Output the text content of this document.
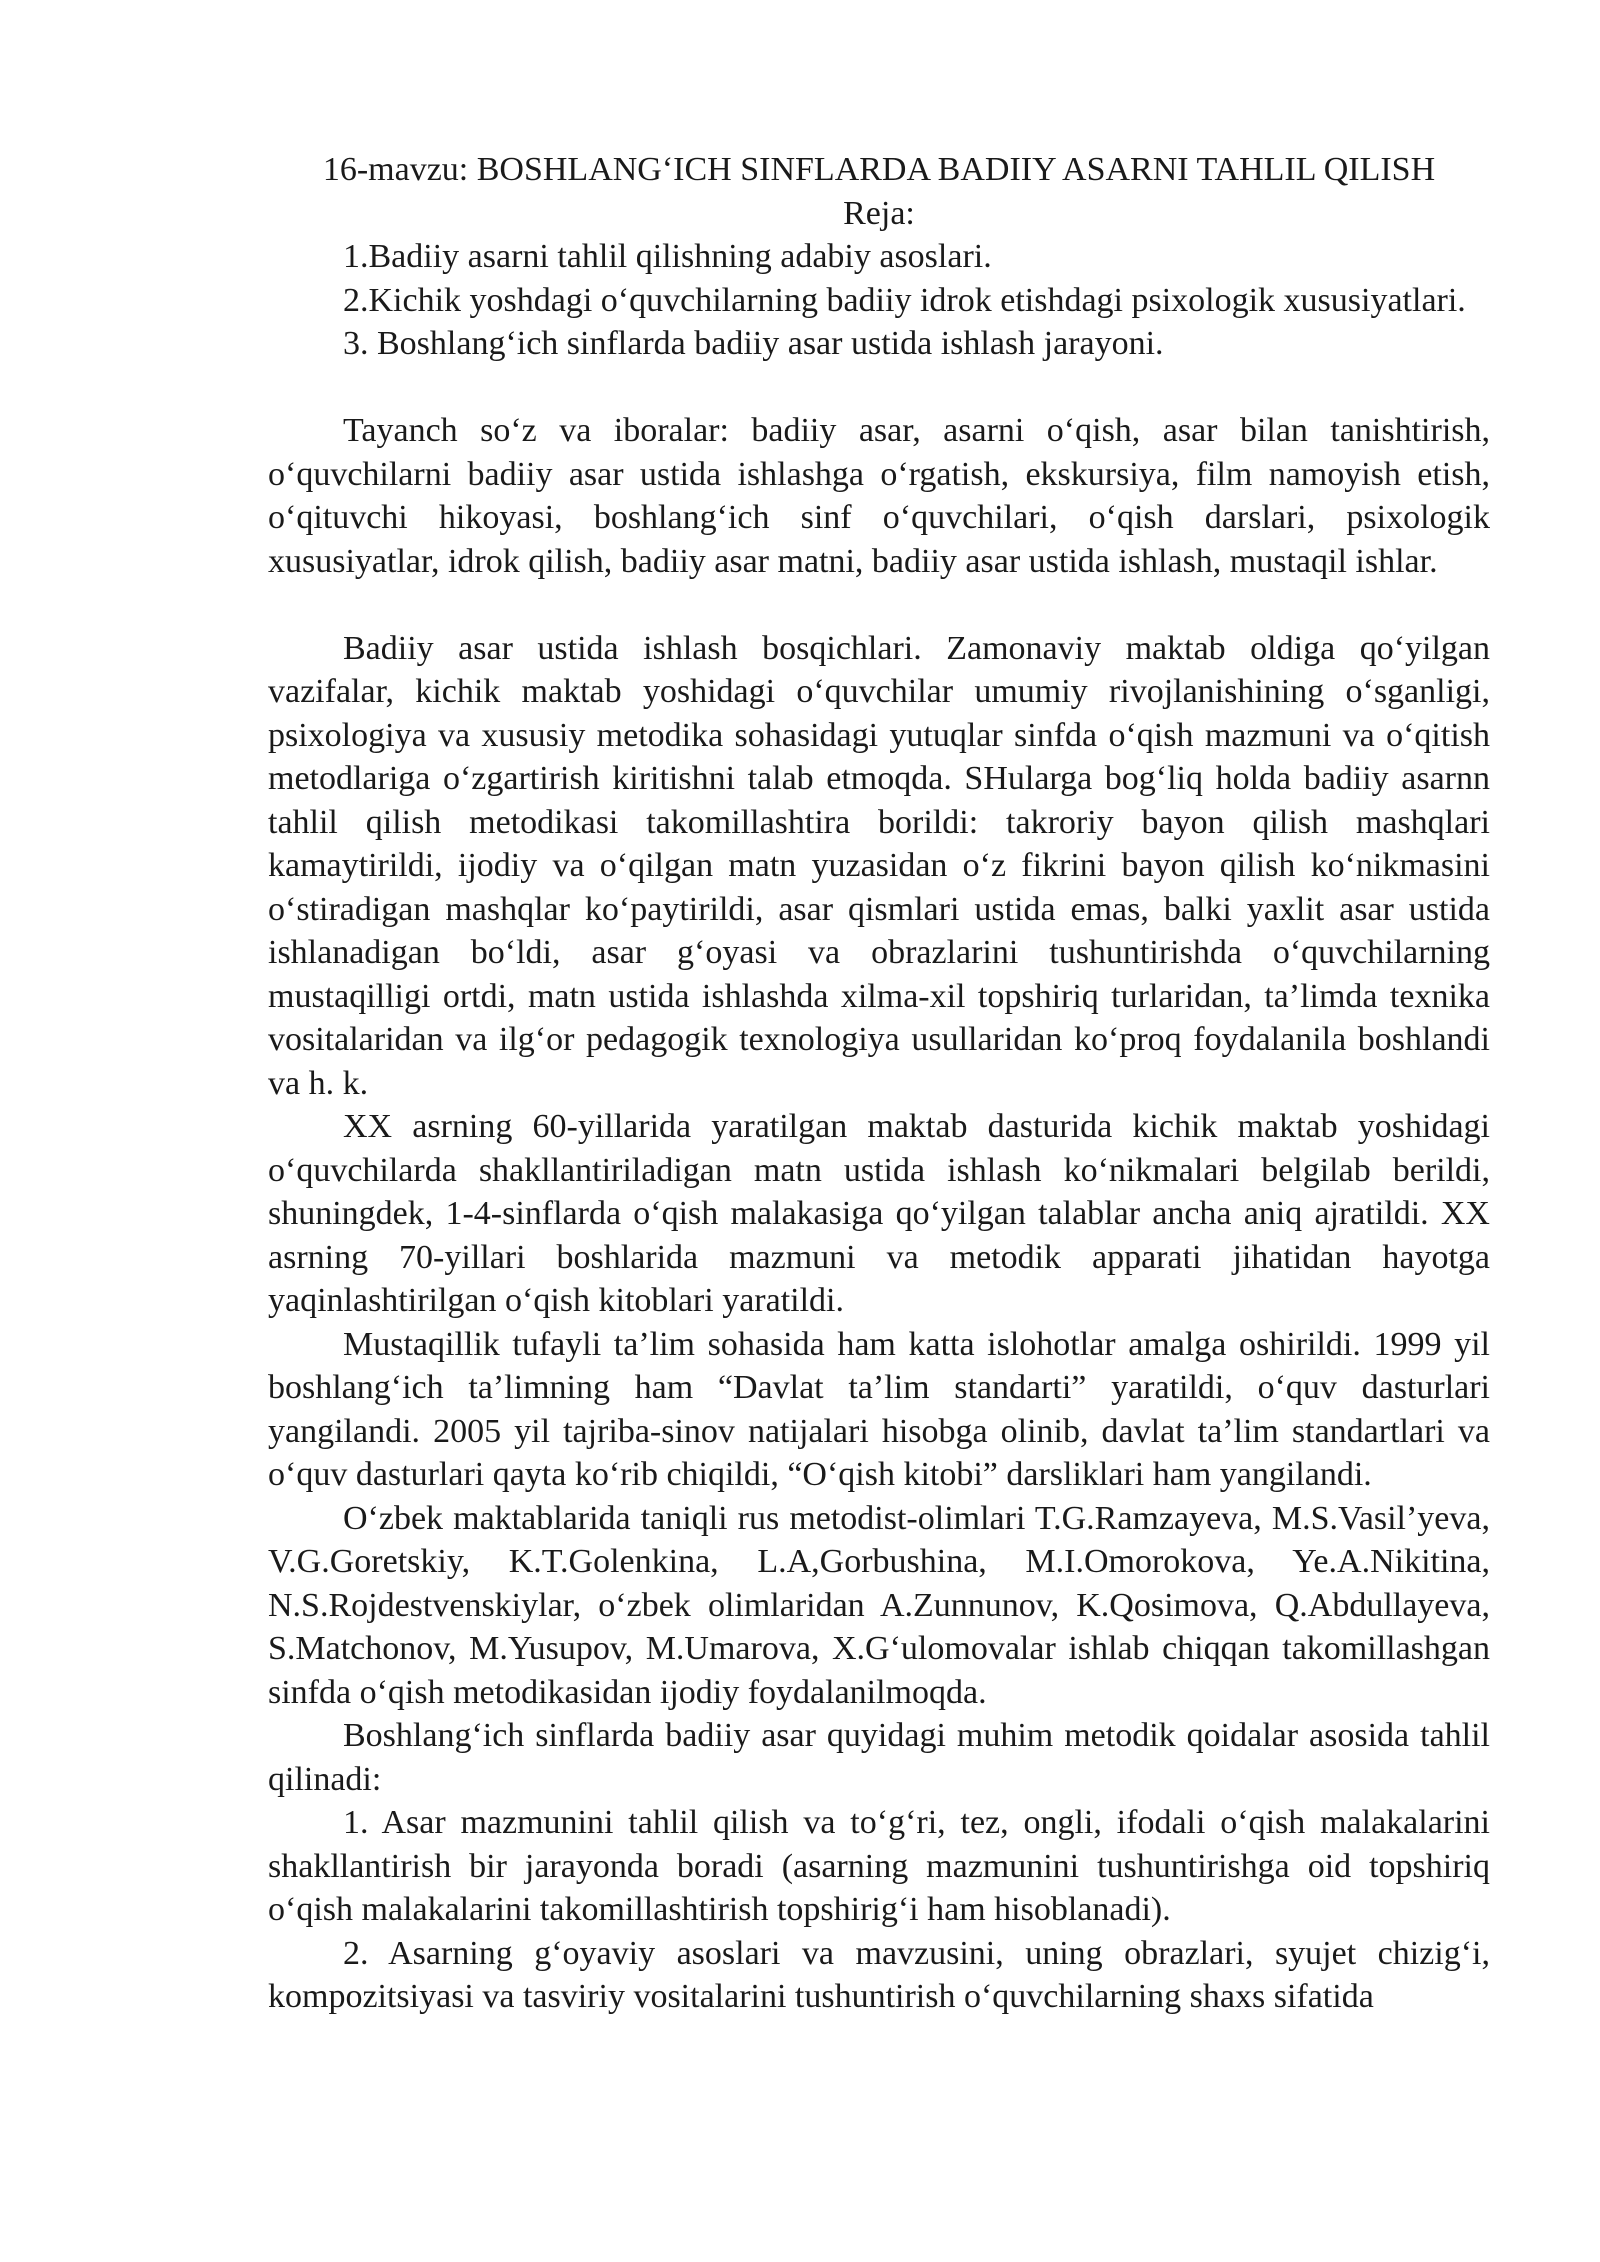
16-mavzu: BOSHLANG‘ICH SINFLARDA BADIIY ASARNI TAHLIL QILISH

Reja:

1.Badiiy asarni tahlil qilishning adabiy asoslari.

2.Kichik yoshdagi o‘quvchilarning badiiy idrok etishdagi psixologik xususiyatlari.

3. Boshlang‘ich sinflarda badiiy asar ustida ishlash jarayoni.

Tayanch so‘z va iboralar: badiiy asar, asarni o‘qish, asar bilan tanishtirish, o‘quvchilarni badiiy asar ustida ishlashga o‘rgatish, ekskursiya, film namoyish etish, o‘qituvchi hikoyasi, boshlang‘ich sinf o‘quvchilari, o‘qish darslari, psixologik xususiyatlar, idrok qilish, badiiy asar matni, badiiy asar ustida ishlash, mustaqil ishlar.

Badiiy asar ustida ishlash bosqichlari. Zamonaviy maktab oldiga qo‘yilgan vazifalar, kichik maktab yoshidagi o‘quvchilar umumiy rivojlanishining o‘sganligi, psixologiya va xususiy metodika sohasidagi yutuqlar sinfda o‘qish mazmuni va o‘qitish metodlariga o‘zgartirish kiritishni talab etmoqda. SHularga bog‘liq holda badiiy asarnn tahlil qilish metodikasi takomillashtira borildi: takroriy bayon qilish mashqlari kamaytirildi, ijodiy va o‘qilgan matn yuzasidan o‘z fikrini bayon qilish ko‘nikmasini o‘stiradigan mashqlar ko‘paytirildi, asar qismlari ustida emas, balki yaxlit asar ustida ishlanadigan bo‘ldi, asar g‘oyasi va obrazlarini tushuntirishda o‘quvchilarning mustaqilligi ortdi, matn ustida ishlashda xilma-xil topshiriq turlaridan, ta’limda texnika vositalaridan va ilg‘or pedagogik texnologiya usullaridan ko‘proq foydalanila boshlandi va h. k.

XX asrning 60-yillarida yaratilgan maktab dasturida kichik maktab yoshidagi o‘quvchilarda shakllantiriladigan matn ustida ishlash ko‘nikmalari belgilab berildi, shuningdek, 1-4-sinflarda o‘qish malakasiga qo‘yilgan talablar ancha aniq ajratildi. XX asrning 70-yillari boshlarida mazmuni va metodik apparati jihatidan hayotga yaqinlashtirilgan o‘qish kitoblari yaratildi.

Mustaqillik tufayli ta’lim sohasida ham katta islohotlar amalga oshirildi. 1999 yil boshlang‘ich ta’limning ham “Davlat ta’lim standarti” yaratildi, o‘quv dasturlari yangilandi. 2005 yil tajriba-sinov natijalari hisobga olinib, davlat ta’lim standartlari va o‘quv dasturlari qayta ko‘rib chiqildi, “O‘qish kitobi” darsliklari ham yangilandi.

O‘zbek maktablarida taniqli rus metodist-olimlari T.G.Ramzayeva, M.S.Vasil’yeva, V.G.Goretskiy, K.T.Golenkina, L.A,Gorbushina, M.I.Omorokova, Ye.A.Nikitina, N.S.Rojdestvenskiylar, o‘zbek olimlaridan A.Zunnunov, K.Qosimova, Q.Abdullayeva, S.Matchonov, M.Yusupov, M.Umarova, X.G‘ulomovalar ishlab chiqqan takomillashgan sinfda o‘qish metodikasidan ijodiy foydalanilmoqda.

Boshlang‘ich sinflarda badiiy asar quyidagi muhim metodik qoidalar asosida tahlil qilinadi:

1. Asar mazmunini tahlil qilish va to‘g‘ri, tez, ongli, ifodali o‘qish malakalarini shakllantirish bir jarayonda boradi (asarning mazmunini tushuntirishga oid topshiriq o‘qish malakalarini takomillashtirish topshirig‘i ham hisoblanadi).

2. Asarning g‘oyaviy asoslari va mavzusini, uning obrazlari, syujet chizig‘i, kompozitsiyasi va tasviriy vositalarini tushuntirish o‘quvchilarning shaxs sifatida
